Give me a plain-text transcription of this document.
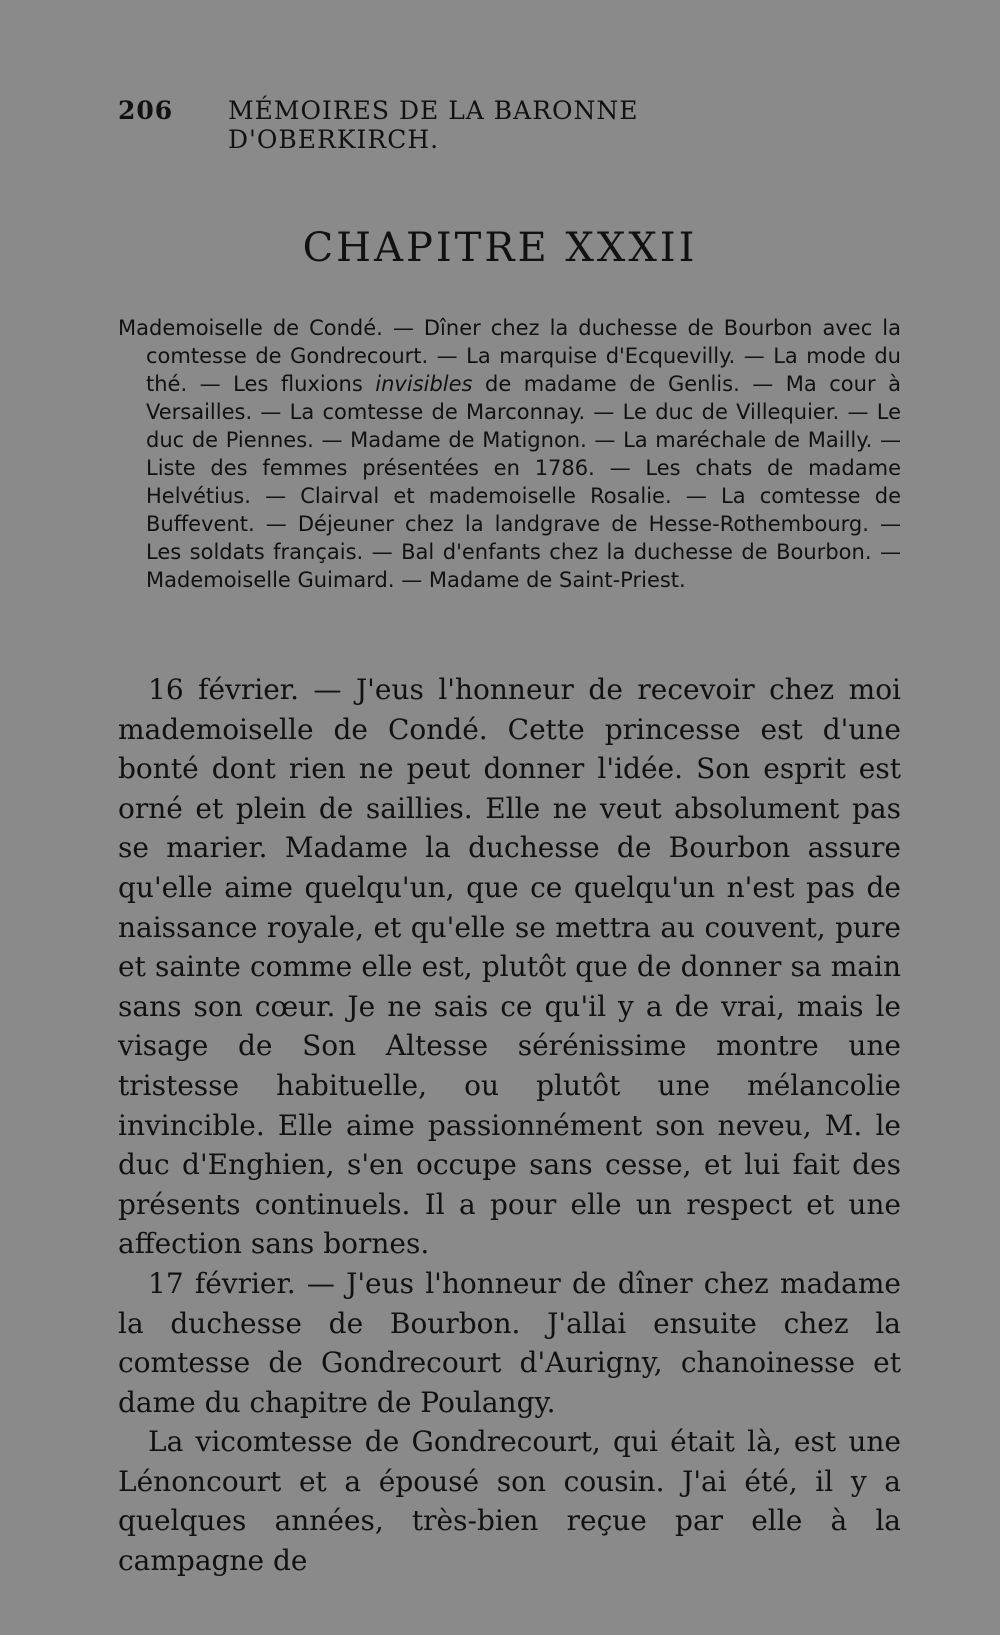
206 MÉMOIRES DE LA BARONNE D'OBERKIRCH.
CHAPITRE XXXII
Mademoiselle de Condé. — Dîner chez la duchesse de Bourbon avec la comtesse de Gondrecourt. — La marquise d'Ecquevilly. — La mode du thé. — Les fluxions invisibles de madame de Genlis. — Ma cour à Versailles. — La comtesse de Marconnay. — Le duc de Villequier. — Le duc de Piennes. — Madame de Matignon. — La maréchale de Mailly. — Liste des femmes présentées en 1786. — Les chats de madame Helvétius. — Clairval et mademoiselle Rosalie. — La comtesse de Buffevent. — Déjeuner chez la landgrave de Hesse-Rothembourg. — Les soldats français. — Bal d'enfants chez la duchesse de Bourbon. — Mademoiselle Guimard. — Madame de Saint-Priest.

16 février. — J'eus l'honneur de recevoir chez moi mademoiselle de Condé. Cette princesse est d'une bonté dont rien ne peut donner l'idée. Son esprit est orné et plein de saillies. Elle ne veut absolument pas se marier. Madame la duchesse de Bourbon assure qu'elle aime quelqu'un, que ce quelqu'un n'est pas de naissance royale, et qu'elle se mettra au couvent, pure et sainte comme elle est, plutôt que de donner sa main sans son cœur. Je ne sais ce qu'il y a de vrai, mais le visage de Son Altesse sérénissime montre une tristesse habituelle, ou plutôt une mélancolie invincible. Elle aime passionnément son neveu, M. le duc d'Enghien, s'en occupe sans cesse, et lui fait des présents continuels. Il a pour elle un respect et une affection sans bornes.

17 février. — J'eus l'honneur de dîner chez madame la duchesse de Bourbon. J'allai ensuite chez la comtesse de Gondrecourt d'Aurigny, chanoinesse et dame du chapitre de Poulangy.

La vicomtesse de Gondrecourt, qui était là, est une Lénoncourt et a épousé son cousin. J'ai été, il y a quelques années, très-bien reçue par elle à la campagne de
